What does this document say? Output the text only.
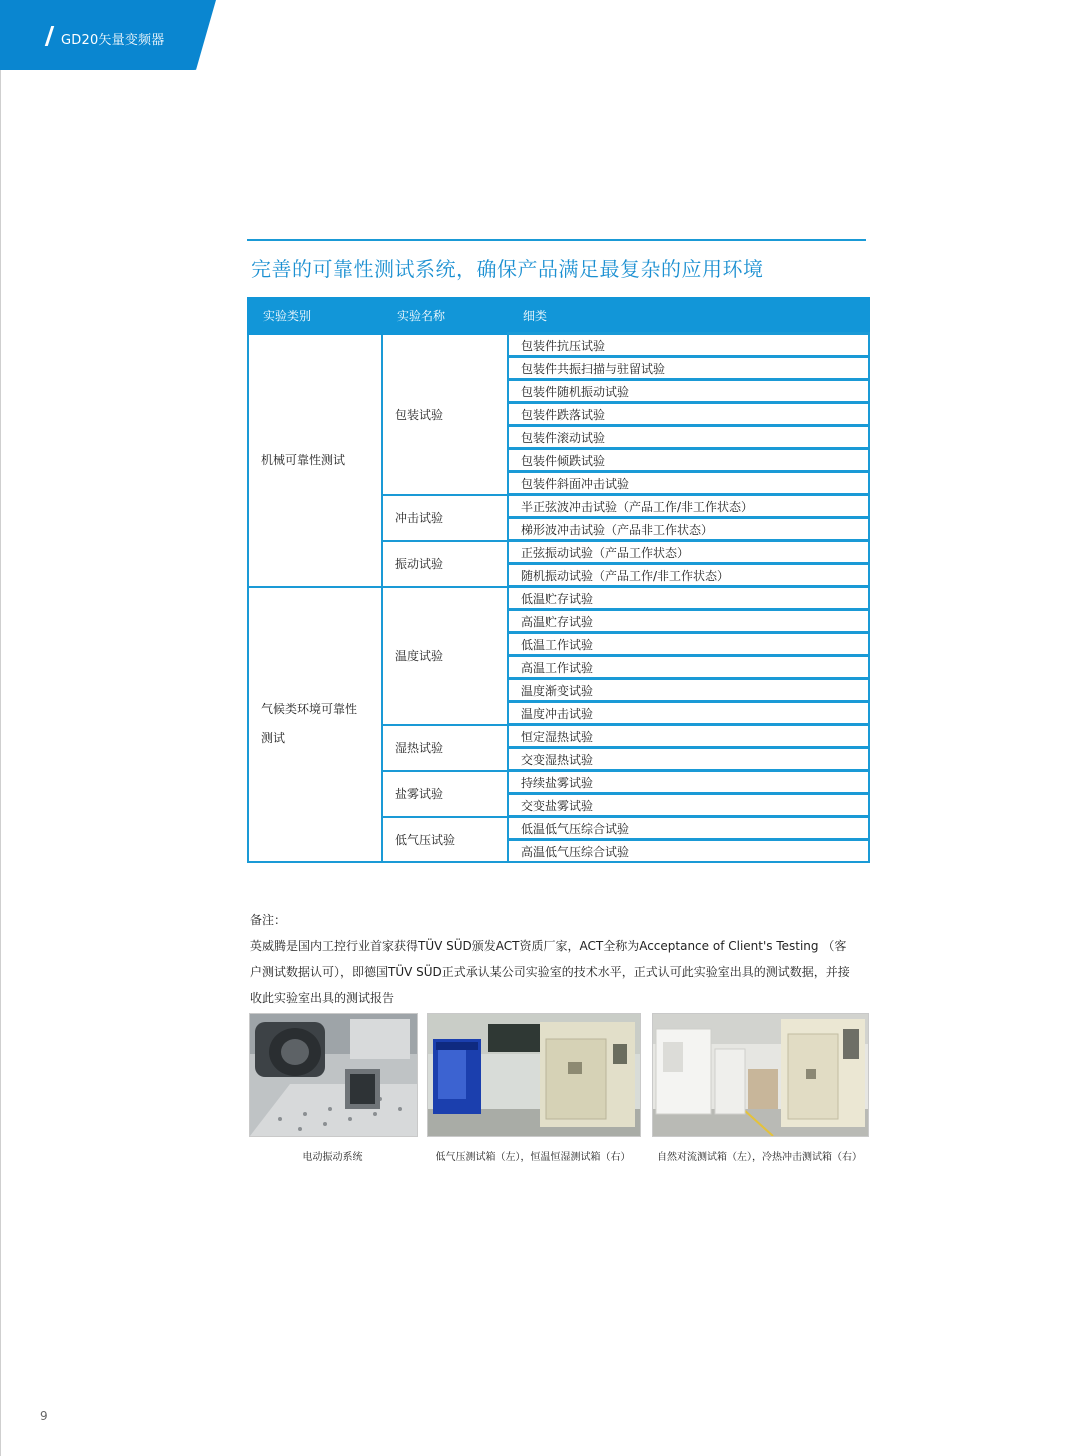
GD20矢量变频器
完善的可靠性测试系统，确保产品满足最复杂的应用环境
实验类别	实验名称	细类
机械可靠性测试	包装试验	包装件抗压试验
		包装件共振扫描与驻留试验
		包装件随机振动试验
		包装件跌落试验
		包装件滚动试验
		包装件倾跌试验
		包装件斜面冲击试验
	冲击试验	半正弦波冲击试验（产品工作/非工作状态）
		梯形波冲击试验（产品非工作状态）
	振动试验	正弦振动试验（产品工作状态）
		随机振动试验（产品工作/非工作状态）

气候类环境可靠性
测试	温度试验	低温贮存试验
		高温贮存试验
		低温工作试验
		高温工作试验
		温度渐变试验
		温度冲击试验
	湿热试验	恒定湿热试验
		交变湿热试验
	盐雾试验	持续盐雾试验
		交变盐雾试验
	低气压试验	低温低气压综合试验
		高温低气压综合试验
备注：
英威腾是国内工控行业首家获得TÜV SÜD颁发ACT资质厂家，ACT全称为Acceptance of Client's Testing （客户测试数据认可），即德国TÜV SÜD正式承认某公司实验室的技术水平，正式认可此实验室出具的测试数据，并接收此实验室出具的测试报告
电动振动系统	低气压测试箱（左），恒温恒湿测试箱（右）	自然对流测试箱（左），冷热冲击测试箱（右）
9
